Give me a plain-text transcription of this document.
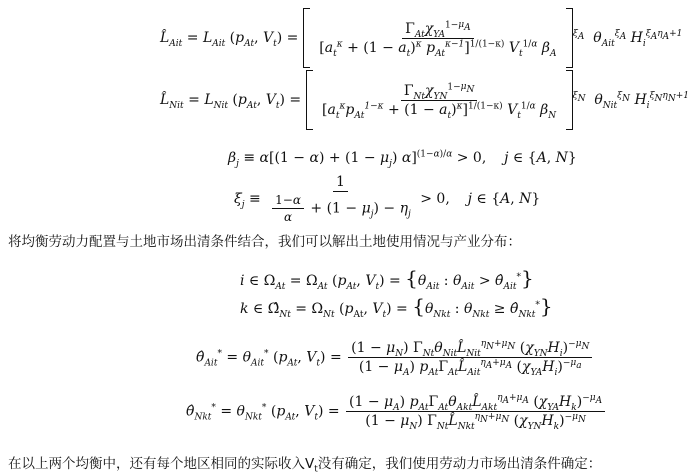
$L̂_{Ait} = L_{Ait}$ ($p_{At}$, $V_t) = \frac{\Gamma_{At}\chi_{YA}^{1-\mu_A}}{[a_t^\kappa + (1 - a_t)^\kappa p_{At}^{\kappa-1}]^{1/(1-\kappa)} V_t^{1/\alpha} \beta_A} ^{\xi_A}$ $\theta_{Ait}^{\xi_A}$ $H_i^{\xi_A\eta_A+1}$
$L̂_{Nit} = L_{Nit}$ ($p_{At}$, $V_t) = \frac{\Gamma_{Nt}\chi_{YN}^{1-\mu_N}}{[a_t^\kappa p_{At}^{1-\kappa} + (1 - a_t)^\kappa]^{1/(1-\kappa)} V_t^{1/\alpha} \beta_N} ^{\xi_N}$ $\theta_{Nit}^{\xi_N}$ $H_i^{\xi_N\eta_N+1}$
$\beta_j \equiv \alpha[(1 - \alpha) + (1 - \mu_j) \alpha]^{(1-\alpha)/\alpha} > 0$,    j ∈ {A, N}
$\xi_j \equiv \frac{1}{\frac{1-\alpha}{\alpha} + (1 - \mu_j) - \eta_j} > 0$,    j ∈ {A, N}
将均衡劳动力配置与土地市场出清条件结合，我们可以解出土地使用情况与产业分布：
i ∈ $\Omega_{At} = \Omega_{At}$ ($p_{At}$, $V_t) = \{\theta_{Ait}$ : $\theta_{Ait}$ > $\thetâ_{Ait}^*$}
k ∈ $\Omegâ_{Nt} = \Omega_{Nt}$ ($p_{At}$, $V_t) = \{\theta_{Nkt}$ : $\theta_{Nkt}$ ≥ $\thetâ_{Nkt}^*$}
$\thetâ_{Ait}^* = \theta_{Ait}^*$ ($p_{At}$, $V_t) = \frac{(1 - \mu_N) \Gamma_{Nt}\theta_{Nit}L̂_{Nit}^{\eta_N+\mu_N} (\chi_{YN}H_i)^{-\mu_N}}{(1 - \mu_A) p_{At}\Gamma_{At}L̂_{Ait}^{\eta_A+\mu_A} (\chi_{YA}H_i)^{-\mu_a}}$
$\thetâ_{Nkt}^* = \theta_{Nkt}^*$ ($p_{At}$, $V_t) = \frac{(1 - \mu_A) p_{At}\Gamma_{At}\theta_{Akt}L̂_{Akt}^{\eta_A+\mu_A} (\chi_{YA}H_k)^{-\mu_A}}{(1 - \mu_N) \Gamma_{Nt}L̂_{Nkt}^{\eta_N+\mu_N} (\chi_{YN}H_k)^{-\mu_N}}$
在以上两个均衡中，还有每个地区相同的实际收入$V_t$没有确定，我们使用劳动力市场出清条件确定：
